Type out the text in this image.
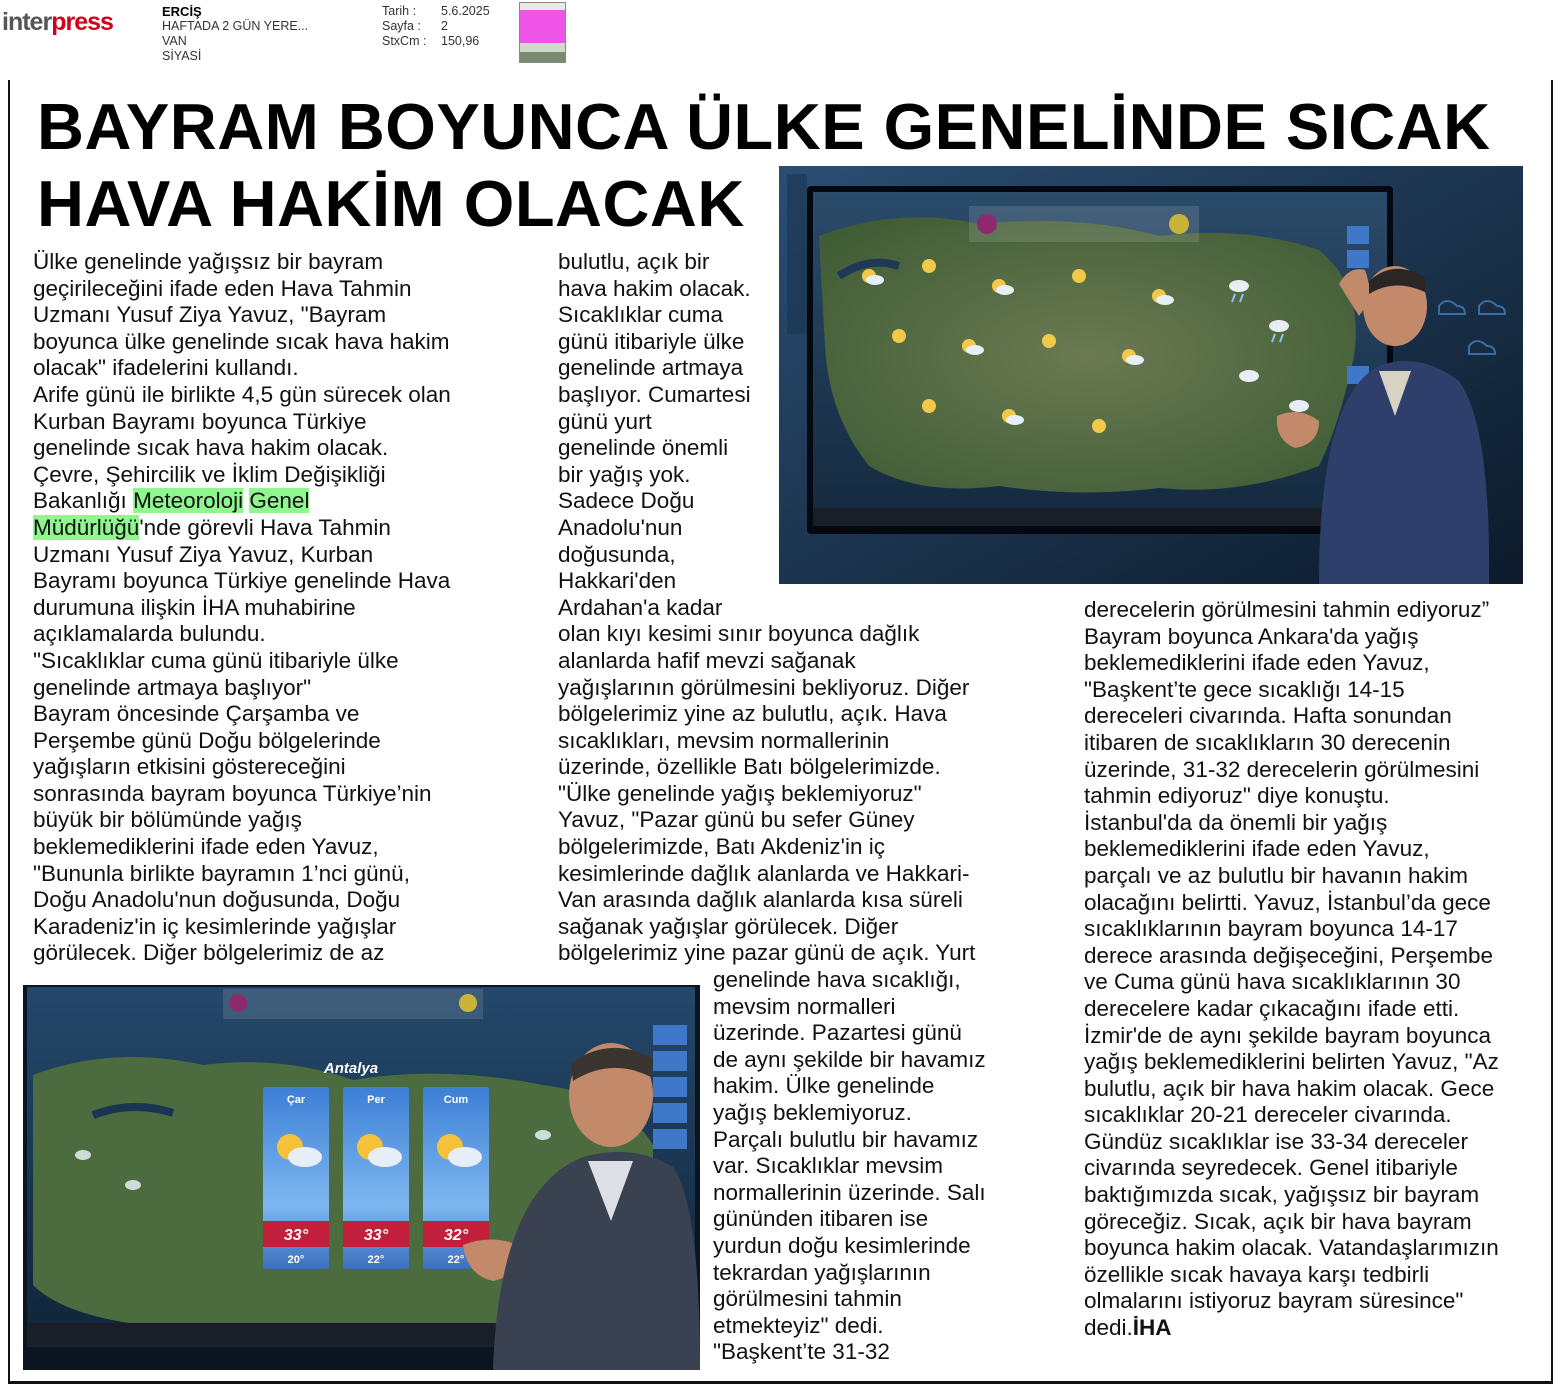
interpress	ERCİŞ
HAFTADA 2 GÜN YERE...
VAN
SİYASİ
Tarih :
Sayfa :
StxCm :
5.6.2025
2
150,96
BAYRAM BOYUNCA ÜLKE GENELİNDE SICAK
HAVA HAKİM OLACAK

Ülke genelinde yağışsız bir bayram

geçirileceğini ifade eden Hava Tahmin

Uzmanı Yusuf Ziya Yavuz, "Bayram

boyunca ülke genelinde sıcak hava hakim

olacak" ifadelerini kullandı.

Arife günü ile birlikte 4,5 gün sürecek olan

Kurban Bayramı boyunca Türkiye

genelinde sıcak hava hakim olacak.

Çevre, Şehircilik ve İklim Değişikliği

Bakanlığı Meteoroloji Genel

Müdürlüğü'nde görevli Hava Tahmin

Uzmanı Yusuf Ziya Yavuz, Kurban

Bayramı boyunca Türkiye genelinde Hava

durumuna ilişkin İHA muhabirine

açıklamalarda bulundu.

"Sıcaklıklar cuma günü itibariyle ülke

genelinde artmaya başlıyor"

Bayram öncesinde Çarşamba ve

Perşembe günü Doğu bölgelerinde

yağışların etkisini göstereceğini

sonrasında bayram boyunca Türkiye’nin

büyük bir bölümünde yağış

beklemediklerini ifade eden Yavuz,

"Bununla birlikte bayramın 1’nci günü,

Doğu Anadolu'nun doğusunda, Doğu

Karadeniz'in iç kesimlerinde yağışlar

görülecek. Diğer bölgelerimiz de az

bulutlu, açık bir

hava hakim olacak.

Sıcaklıklar cuma

günü itibariyle ülke

genelinde artmaya

başlıyor. Cumartesi

günü yurt

genelinde önemli

bir yağış yok.

Sadece Doğu

Anadolu'nun

doğusunda,

Hakkari'den

Ardahan'a kadar

olan kıyı kesimi sınır boyunca dağlık

alanlarda hafif mevzi sağanak

yağışlarının görülmesini bekliyoruz. Diğer

bölgelerimiz yine az bulutlu, açık. Hava

sıcaklıkları, mevsim normallerinin

üzerinde, özellikle Batı bölgelerimizde.

"Ülke genelinde yağış beklemiyoruz"

Yavuz, "Pazar günü bu sefer Güney

bölgelerimizde, Batı Akdeniz'in iç

kesimlerinde dağlık alanlarda ve Hakkari-

Van arasında dağlık alanlarda kısa süreli

sağanak yağışlar görülecek. Diğer

bölgelerimiz yine pazar günü de açık. Yurt

genelinde hava sıcaklığı,

mevsim normalleri

üzerinde. Pazartesi günü

de aynı şekilde bir havamız

hakim. Ülke genelinde

yağış beklemiyoruz.

Parçalı bulutlu bir havamız

var. Sıcaklıklar mevsim

normallerinin üzerinde. Salı

gününden itibaren ise

yurdun doğu kesimlerinde

tekrardan yağışlarının

görülmesini tahmin

etmekteyiz" dedi.

"Başkent’te 31-32

derecelerin görülmesini tahmin ediyoruz”

Bayram boyunca Ankara'da yağış

beklemediklerini ifade eden Yavuz,

"Başkent’te gece sıcaklığı 14-15

dereceleri civarında. Hafta sonundan

itibaren de sıcaklıkların 30 derecenin

üzerinde, 31-32 derecelerin görülmesini

tahmin ediyoruz" diye konuştu.

İstanbul'da da önemli bir yağış

beklemediklerini ifade eden Yavuz,

parçalı ve az bulutlu bir havanın hakim

olacağını belirtti. Yavuz, İstanbul’da gece

sıcaklıklarının bayram boyunca 14-17

derece arasında değişeceğini, Perşembe

ve Cuma günü hava sıcaklıklarının 30

derecelere kadar çıkacağını ifade etti.

İzmir'de de aynı şekilde bayram boyunca

yağış beklemediklerini belirten Yavuz, "Az

bulutlu, açık bir hava hakim olacak. Gece

sıcaklıklar 20-21 dereceler civarında.

Gündüz sıcaklıklar ise 33-34 dereceler

civarında seyredecek. Genel itibariyle

baktığımızda sıcak, yağışsız bir bayram

göreceğiz. Sıcak, açık bir hava bayram

boyunca hakim olacak. Vatandaşlarımızın

özellikle sıcak havaya karşı tedbirli

olmalarını istiyoruz bayram süresince"

dedi.İHA

Antalya
Çar
33°
20°
Per
33°
22°
Cum
32°
22°
